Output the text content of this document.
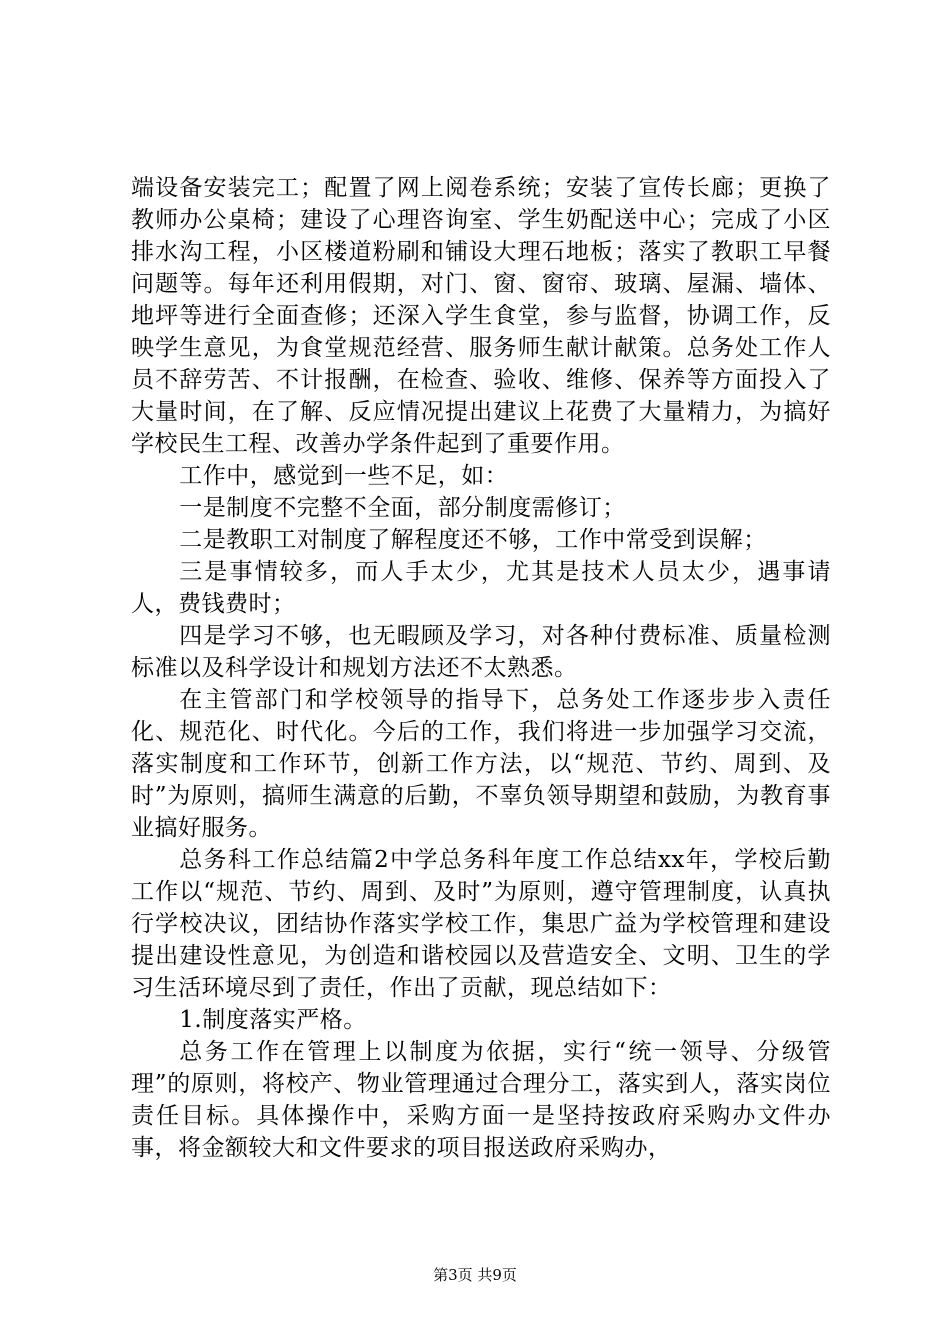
端设备安装完工；配置了网上阅卷系统；安装了宣传长廊；更换了教师办公桌椅；建设了心理咨询室、学生奶配送中心；完成了小区排水沟工程，小区楼道粉刷和铺设大理石地板；落实了教职工早餐问题等。每年还利用假期，对门、窗、窗帘、玻璃、屋漏、墙体、地坪等进行全面查修；还深入学生食堂，参与监督，协调工作，反映学生意见，为食堂规范经营、服务师生献计献策。总务处工作人员不辞劳苦、不计报酬，在检查、验收、维修、保养等方面投入了大量时间，在了解、反应情况提出建议上花费了大量精力，为搞好学校民生工程、改善办学条件起到了重要作用。

工作中，感觉到一些不足，如：

一是制度不完整不全面，部分制度需修订；

二是教职工对制度了解程度还不够，工作中常受到误解；

三是事情较多，而人手太少，尤其是技术人员太少，遇事请人，费钱费时；

四是学习不够，也无暇顾及学习，对各种付费标准、质量检测标准以及科学设计和规划方法还不太熟悉。

在主管部门和学校领导的指导下，总务处工作逐步步入责任化、规范化、时代化。今后的工作，我们将进一步加强学习交流，落实制度和工作环节，创新工作方法，以“规范、节约、周到、及时”为原则，搞师生满意的后勤，不辜负领导期望和鼓励，为教育事业搞好服务。

总务科工作总结篇2中学总务科年度工作总结xx年，学校后勤工作以“规范、节约、周到、及时”为原则，遵守管理制度，认真执行学校决议，团结协作落实学校工作，集思广益为学校管理和建设提出建设性意见，为创造和谐校园以及营造安全、文明、卫生的学习生活环境尽到了责任，作出了贡献，现总结如下：

1.制度落实严格。

总务工作在管理上以制度为依据，实行“统一领导、分级管理”的原则，将校产、物业管理通过合理分工，落实到人，落实岗位责任目标。具体操作中，采购方面一是坚持按政府采购办文件办事，将金额较大和文件要求的项目报送政府采购办，

第3页 共9页
